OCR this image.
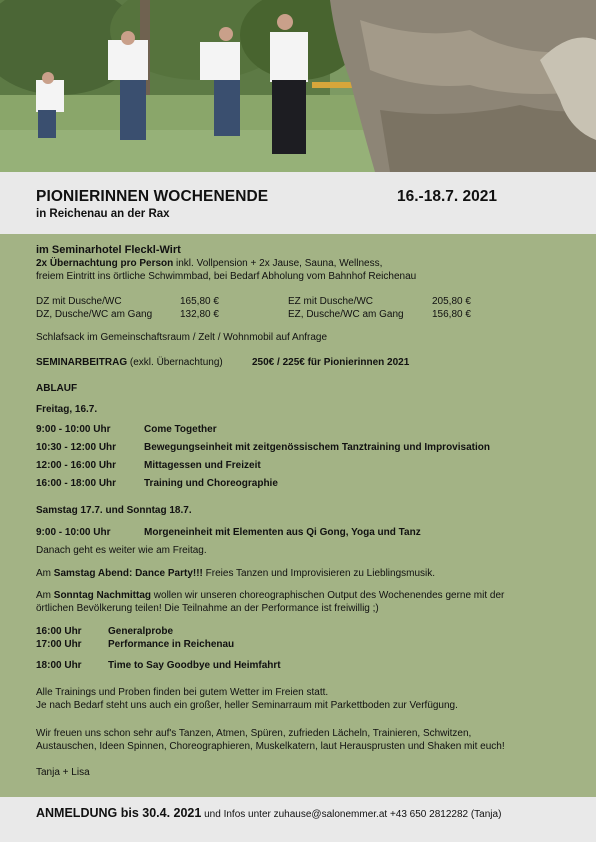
PIONIERINNEN WOCHENENDE
in Reichenau an der Rax
16.-18.7. 2021
im Seminarhotel Fleckl-Wirt
2x Übernachtung pro Person inkl. Vollpension + 2x Jause, Sauna, Wellness,
freiem Eintritt ins örtliche Schwimmbad, bei Bedarf Abholung vom Bahnhof Reichenau
DZ mit Dusche/WC	165,80 €
DZ, Dusche/WC am Gang	132,80 €
EZ mit Dusche/WC	205,80 €
EZ, Dusche/WC am Gang	156,80 €
Schlafsack im Gemeinschaftsraum / Zelt / Wohnmobil auf Anfrage
SEMINARBEITRAG (exkl. Übernachtung)	250€ / 225€ für Pionierinnen 2021
ABLAUF
Freitag, 16.7.
9:00 - 10:00 Uhr	Come Together
10:30 - 12:00 Uhr	Bewegungseinheit mit zeitgenössischem Tanztraining und Improvisation
12:00 - 16:00 Uhr	Mittagessen und Freizeit
16:00 - 18:00 Uhr	Training und Choreographie
Samstag 17.7. und Sonntag 18.7.
9:00 - 10:00 Uhr	Morgeneinheit mit Elementen aus Qi Gong, Yoga und Tanz
Danach geht es weiter wie am Freitag.
Am Samstag Abend: Dance Party!!! Freies Tanzen und Improvisieren zu Lieblingsmusik.
Am Sonntag Nachmittag wollen wir unseren choreographischen Output des Wochenendes gerne mit der
örtlichen Bevölkerung teilen! Die Teilnahme an der Performance ist freiwillig ;)
16:00 Uhr	Generalprobe
17:00 Uhr	Performance in Reichenau
18:00 Uhr	Time to Say Goodbye und Heimfahrt
Alle Trainings und Proben finden bei gutem Wetter im Freien statt.
Je nach Bedarf steht uns auch ein großer, heller Seminarraum mit Parkettboden zur Verfügung.
Wir freuen uns schon sehr auf's Tanzen, Atmen, Spüren, zufrieden Lächeln, Trainieren, Schwitzen,
Austauschen, Ideen Spinnen, Choreographieren, Muskelkatern, laut Herausprusten und Shaken mit euch!
Tanja + Lisa
ANMELDUNG bis 30.4. 2021 und Infos unter zuhause@salonemmer.at +43 650 2812282 (Tanja)
